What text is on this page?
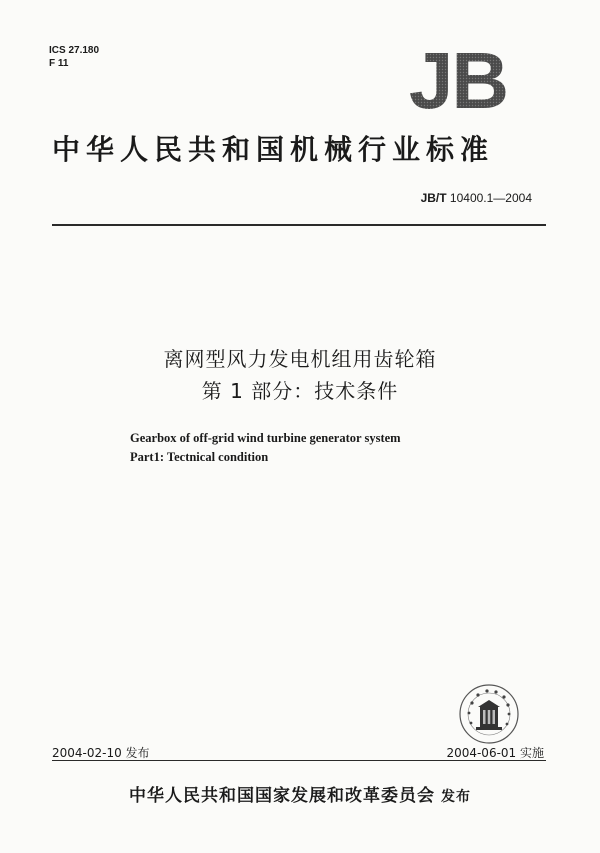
ICS 27.180
F 11	JB
中华人民共和国机械行业标准
JB/T 10400.1—2004
离网型风力发电机组用齿轮箱
第 1 部分：技术条件
Gearbox of off-grid wind turbine generator system
Part1: Tectnical condition
2004-02-10 发布	2004-06-01 实施
中华人民共和国国家发展和改革委员会 发布
